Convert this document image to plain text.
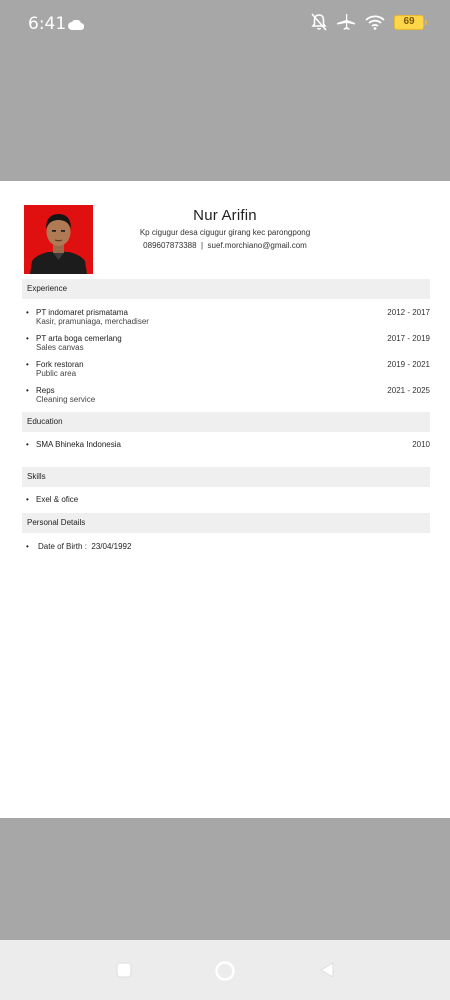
6:41	69
Nur Arifin
Kp cigugur desa cigugur girang kec parongpong
089607873388 | suef.morchiano@gmail.com
Experience
• PT indomaret prismatama
Kasir, pramuniaga, merchadiser
2012 - 2017
• PT arta boga cemerlang
Sales canvas
2017 - 2019
• Fork restoran
Public area
2019 - 2021
• Reps
Cleaning service
2021 - 2025
Education
• SMA Bhineka Indonesia	2010
Skills
• Exel & ofice
Personal Details
• Date of Birth : 23/04/1992
